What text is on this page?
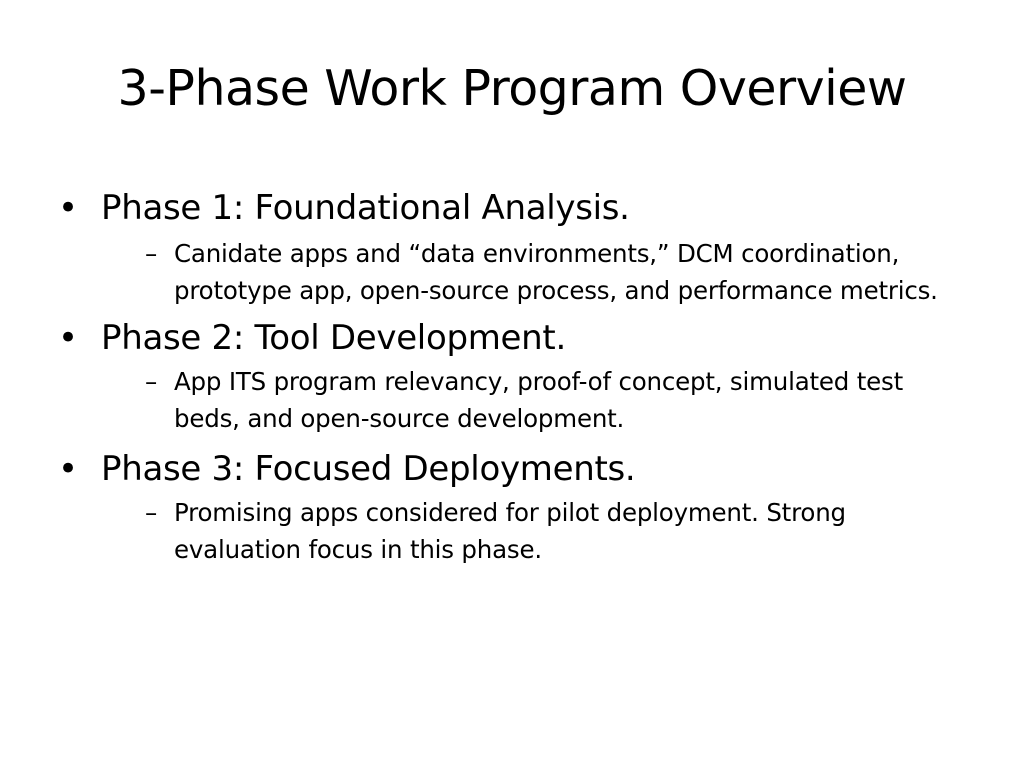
3-Phase Work Program Overview
• Phase 1: Foundational Analysis.
– Canidate apps and “data environments,” DCM coordination, prototype app, open-source process, and performance metrics.
• Phase 2: Tool Development.
– App ITS program relevancy, proof-of concept, simulated test beds, and open-source development.
• Phase 3: Focused Deployments.
– Promising apps considered for pilot deployment. Strong evaluation focus in this phase.
